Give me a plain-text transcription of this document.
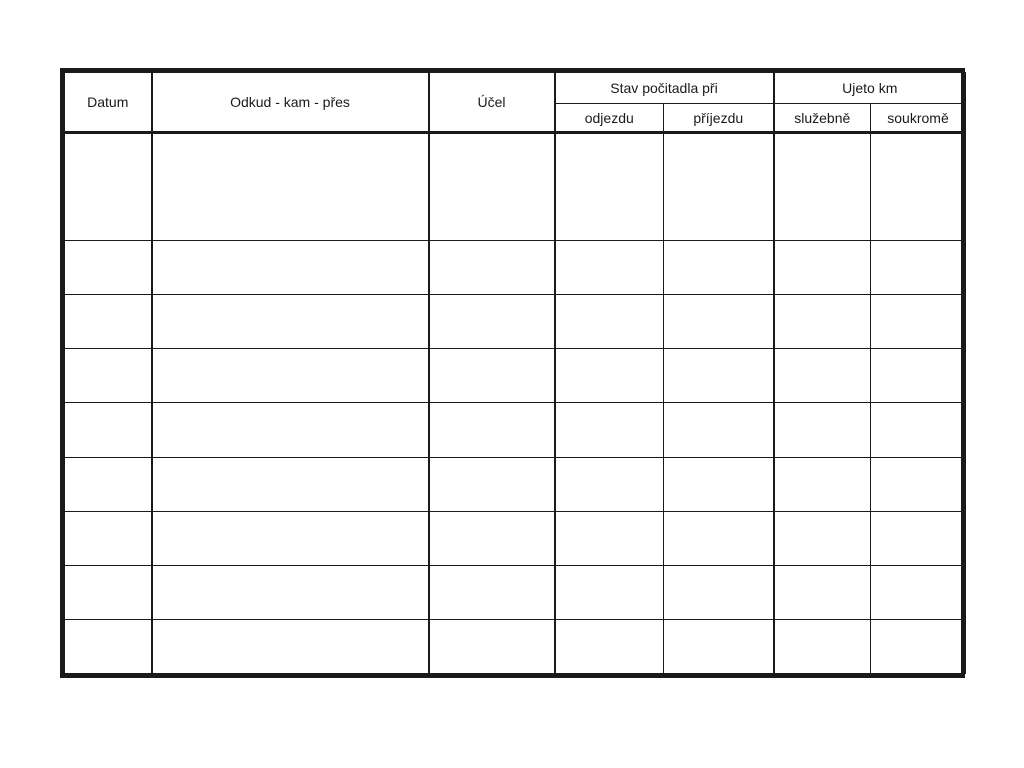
Datum	Odkud - kam - přes	Účel	Stav počitadla při		Ujeto km	
			odjezdu	příjezdu	služebně	soukromě
